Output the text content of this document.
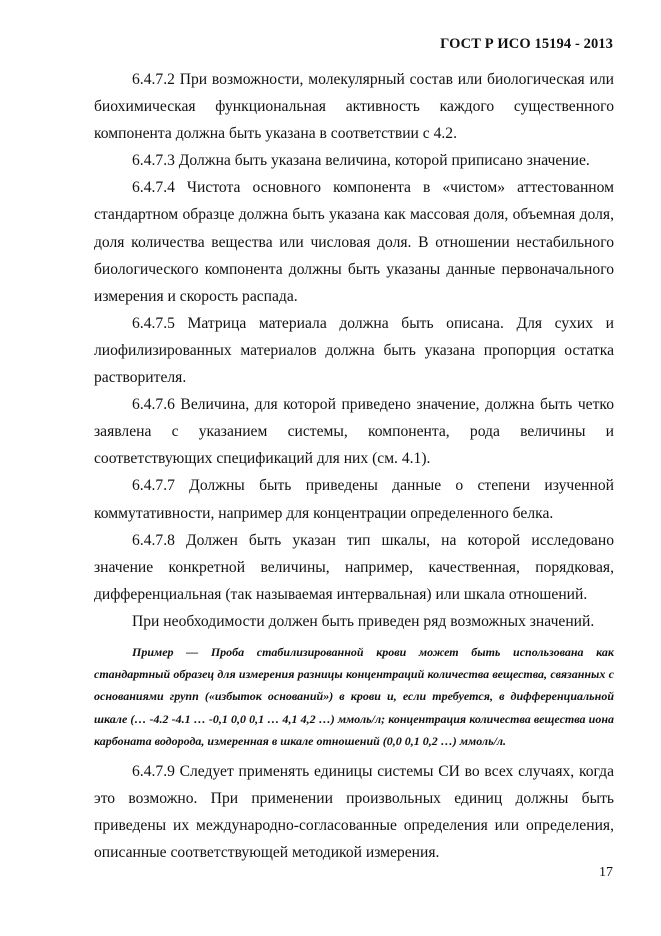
ГОСТ Р ИСО 15194 - 2013

6.4.7.2 При возможности, молекулярный состав или биологическая или биохимическая функциональная активность каждого существенного компонента должна быть указана в соответствии с 4.2.

6.4.7.3 Должна быть указана величина, которой приписано значение.

6.4.7.4 Чистота основного компонента в «чистом» аттестованном стандартном образце должна быть указана как массовая доля, объемная доля, доля количества вещества или числовая доля. В отношении нестабильного биологического компонента должны быть указаны данные первоначального измерения и скорость распада.

6.4.7.5 Матрица материала должна быть описана. Для сухих и лиофилизированных материалов должна быть указана пропорция остатка растворителя.

6.4.7.6 Величина, для которой приведено значение, должна быть четко заявлена с указанием системы, компонента, рода величины и соответствующих спецификаций для них (см. 4.1).

6.4.7.7 Должны быть приведены данные о степени изученной коммутативности, например для концентрации определенного белка.

6.4.7.8 Должен быть указан тип шкалы, на которой исследовано значение конкретной величины, например, качественная, порядковая, дифференциальная (так называемая интервальная) или шкала отношений.

При необходимости должен быть приведен ряд возможных значений.

Пример — Проба стабилизированной крови может быть использована как стандартный образец для измерения разницы концентраций количества вещества, связанных с основаниями групп («избыток оснований») в крови и, если требуется, в дифференциальной шкале (… -4.2 -4.1 … -0,1 0,0 0,1 … 4,1 4,2 …) ммоль/л; концентрация количества вещества иона карбоната водорода, измеренная в шкале отношений (0,0 0,1 0,2 …) ммоль/л.

6.4.7.9 Следует применять единицы системы СИ во всех случаях, когда это возможно. При применении произвольных единиц должны быть приведены их международно-согласованные определения или определения, описанные соответствующей методикой измерения.

17
